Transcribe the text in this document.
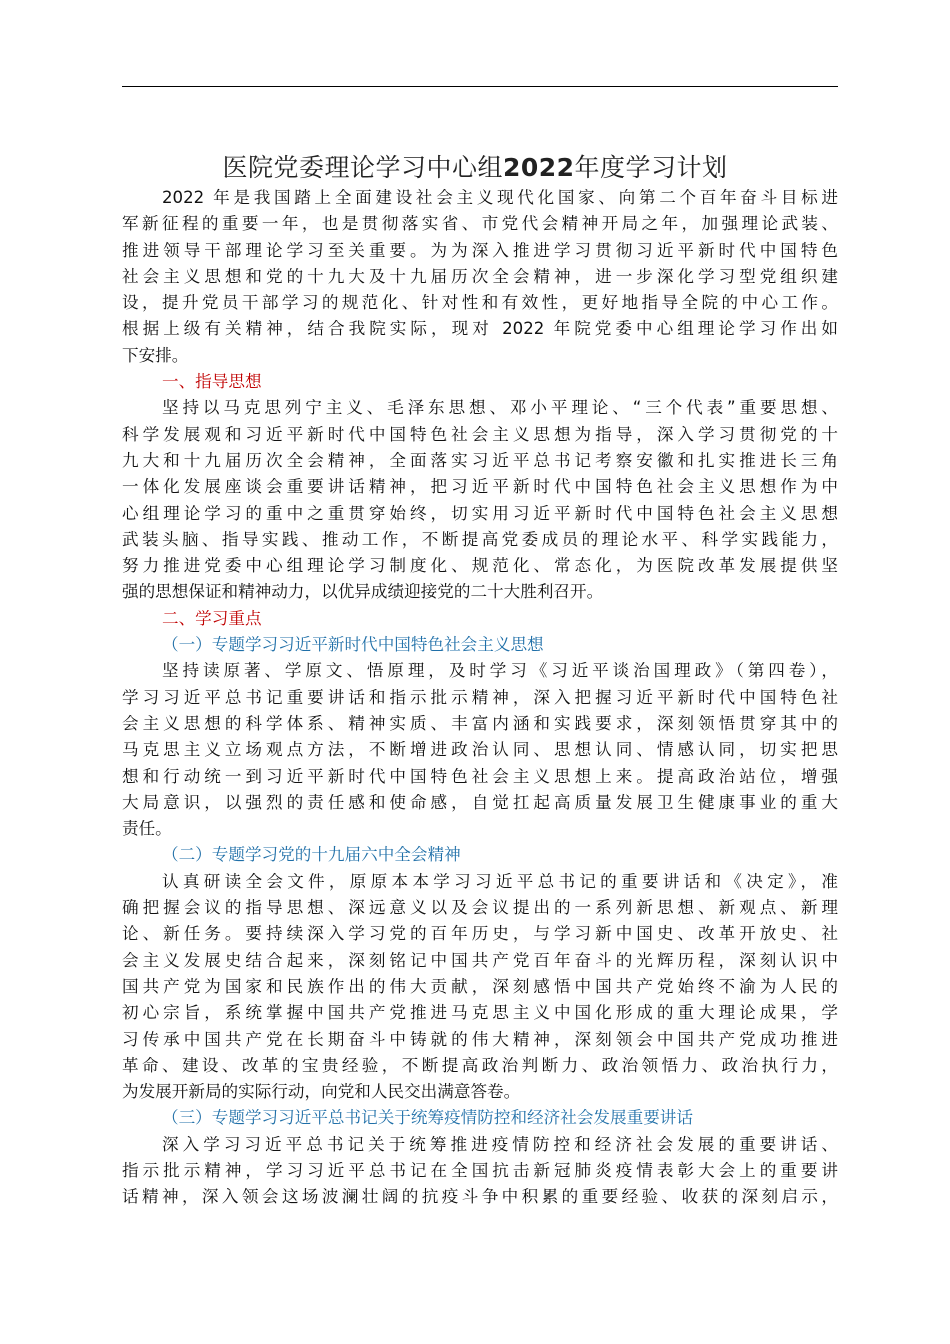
医院党委理论学习中心组2022年度学习计划
2022 年是我国踏上全面建设社会主义现代化国家、向第二个百年奋斗目标进
军新征程的重要一年，也是贯彻落实省、市党代会精神开局之年，加强理论武装、
推进领导干部理论学习至关重要。为为深入推进学习贯彻习近平新时代中国特色
社会主义思想和党的十九大及十九届历次全会精神，进一步深化学习型党组织建
设，提升党员干部学习的规范化、针对性和有效性，更好地指导全院的中心工作。
根据上级有关精神，结合我院实际，现对 2022 年院党委中心组理论学习作出如
下安排。
一、指导思想
坚持以马克思列宁主义、毛泽东思想、邓小平理论、“三个代表”重要思想、
科学发展观和习近平新时代中国特色社会主义思想为指导，深入学习贯彻党的十
九大和十九届历次全会精神，全面落实习近平总书记考察安徽和扎实推进长三角
一体化发展座谈会重要讲话精神，把习近平新时代中国特色社会主义思想作为中
心组理论学习的重中之重贯穿始终，切实用习近平新时代中国特色社会主义思想
武装头脑、指导实践、推动工作，不断提高党委成员的理论水平、科学实践能力，
努力推进党委中心组理论学习制度化、规范化、常态化，为医院改革发展提供坚
强的思想保证和精神动力，以优异成绩迎接党的二十大胜利召开。
二、学习重点
（一）专题学习习近平新时代中国特色社会主义思想
坚持读原著、学原文、悟原理，及时学习《习近平谈治国理政》（第四卷），
学习习近平总书记重要讲话和指示批示精神，深入把握习近平新时代中国特色社
会主义思想的科学体系、精神实质、丰富内涵和实践要求，深刻领悟贯穿其中的
马克思主义立场观点方法，不断增进政治认同、思想认同、情感认同，切实把思
想和行动统一到习近平新时代中国特色社会主义思想上来。提高政治站位，增强
大局意识，以强烈的责任感和使命感，自觉扛起高质量发展卫生健康事业的重大
责任。
（二）专题学习党的十九届六中全会精神
认真研读全会文件，原原本本学习习近平总书记的重要讲话和《决定》，准
确把握会议的指导思想、深远意义以及会议提出的一系列新思想、新观点、新理
论、新任务。要持续深入学习党的百年历史，与学习新中国史、改革开放史、社
会主义发展史结合起来，深刻铭记中国共产党百年奋斗的光辉历程，深刻认识中
国共产党为国家和民族作出的伟大贡献，深刻感悟中国共产党始终不渝为人民的
初心宗旨，系统掌握中国共产党推进马克思主义中国化形成的重大理论成果，学
习传承中国共产党在长期奋斗中铸就的伟大精神，深刻领会中国共产党成功推进
革命、建设、改革的宝贵经验，不断提高政治判断力、政治领悟力、政治执行力，
为发展开新局的实际行动，向党和人民交出满意答卷。
（三）专题学习习近平总书记关于统筹疫情防控和经济社会发展重要讲话
深入学习习近平总书记关于统筹推进疫情防控和经济社会发展的重要讲话、
指示批示精神，学习习近平总书记在全国抗击新冠肺炎疫情表彰大会上的重要讲
话精神，深入领会这场波澜壮阔的抗疫斗争中积累的重要经验、收获的深刻启示，
